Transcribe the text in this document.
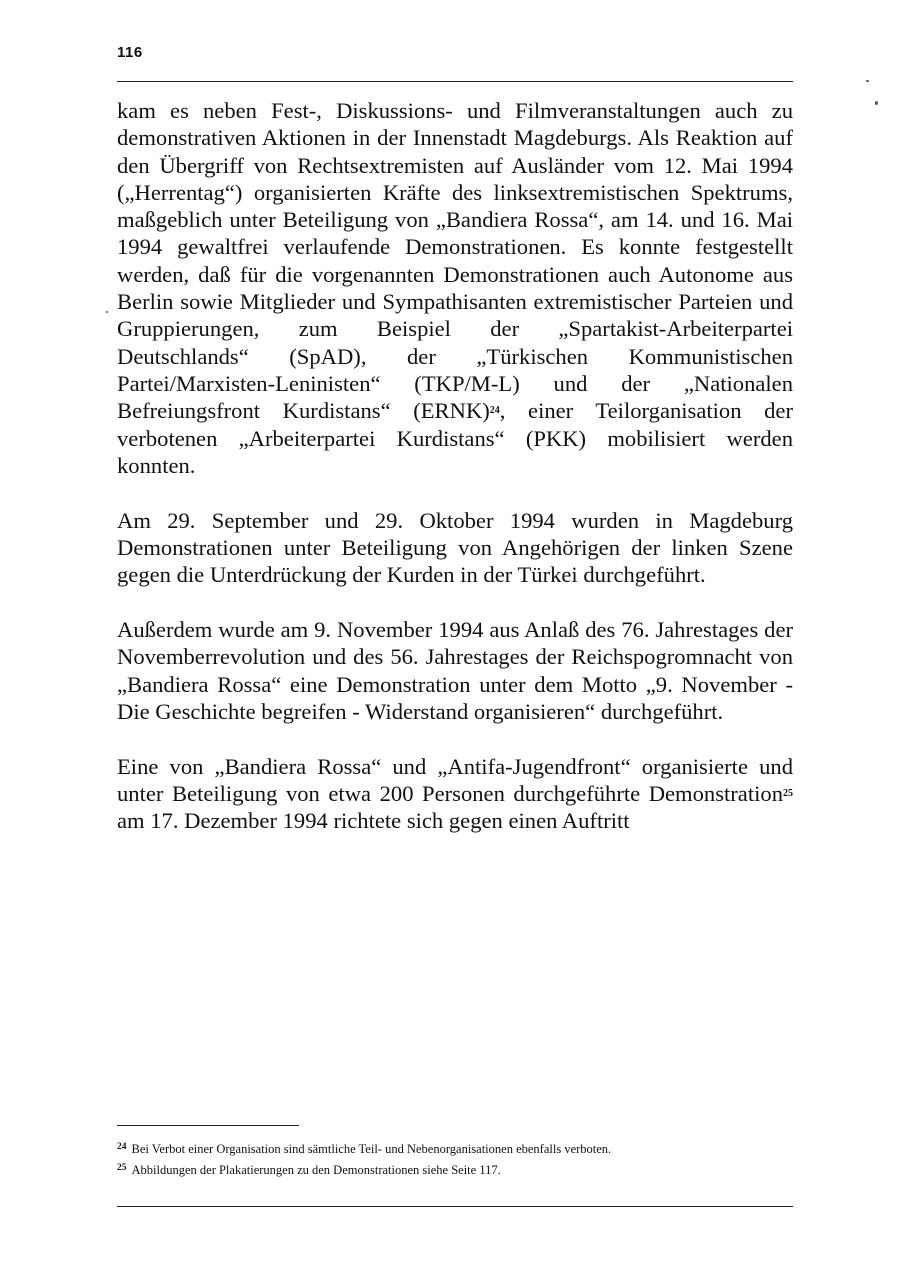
116

kam es neben Fest-, Diskussions- und Filmveranstaltungen auch zu demonstrativen Aktionen in der Innenstadt Magdeburgs. Als Reaktion auf den Übergriff von Rechtsextremisten auf Ausländer vom 12. Mai 1994 („Herrentag“) organisierten Kräfte des linksextremistischen Spektrums, maßgeblich unter Beteiligung von „Bandiera Rossa“, am 14. und 16. Mai 1994 gewaltfrei verlaufende Demonstrationen. Es konnte festgestellt werden, daß für die vorgenannten Demonstrationen auch Autonome aus Berlin sowie Mitglieder und Sympathisanten extremistischer Parteien und Gruppierungen, zum Beispiel der „Spartakist-Arbeiterpartei Deutschlands“ (SpAD), der „Türkischen Kommunistischen Partei/Marxisten-Leninisten“ (TKP/M-L) und der „Nationalen Befreiungsfront Kurdistans“ (ERNK)$^{24}$, einer Teilorganisation der verbotenen „Arbeiterpartei Kurdistans“ (PKK) mobilisiert werden konnten.

Am 29. September und 29. Oktober 1994 wurden in Magdeburg Demonstrationen unter Beteiligung von Angehörigen der linken Szene gegen die Unterdrückung der Kurden in der Türkei durchgeführt.

Außerdem wurde am 9. November 1994 aus Anlaß des 76. Jahrestages der Novemberrevolution und des 56. Jahrestages der Reichspogromnacht von „Bandiera Rossa“ eine Demonstration unter dem Motto „9. November - Die Geschichte begreifen - Widerstand organisieren“ durchgeführt.

Eine von „Bandiera Rossa“ und „Antifa-Jugendfront“ organisierte und unter Beteiligung von etwa 200 Personen durchgeführte Demonstration$^{25}$ am 17. Dezember 1994 richtete sich gegen einen Auftritt

$^{24}$ Bei Verbot einer Organisation sind sämtliche Teil- und Nebenorganisationen ebenfalls verboten.

$^{25}$ Abbildungen der Plakatierungen zu den Demonstrationen siehe Seite 117.
